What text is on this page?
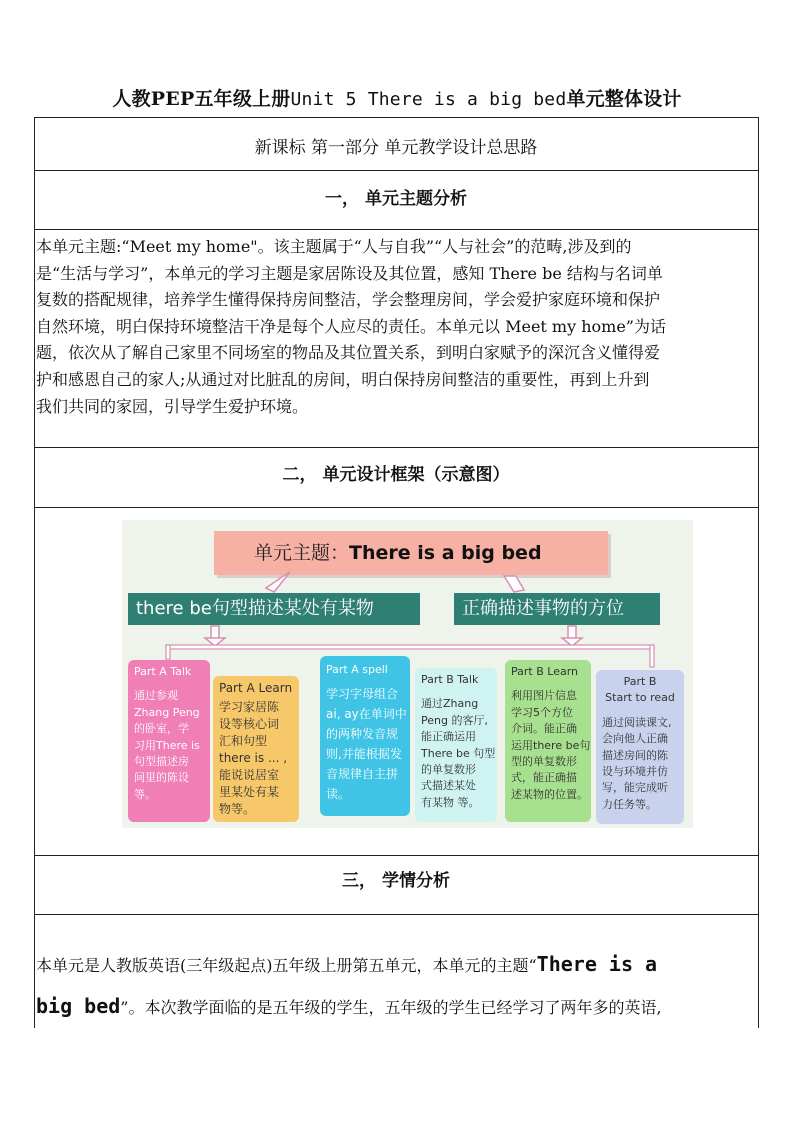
人教PEP五年级上册Unit 5 There is a big bed单元整体设计
新课标 第一部分 单元教学设计总思路
一， 单元主题分析
二， 单元设计框架（示意图）
三， 学情分析
本单元主题:“Meet my home"。该主题属于“人与自我”“人与社会”的范畴,涉及到的
是“生活与学习”，本单元的学习主题是家居陈设及其位置，感知 There be 结构与名词单
复数的搭配规律，培养学生懂得保持房间整洁，学会整理房间，学会爱护家庭环境和保护
自然环境，明白保持环境整洁干净是每个人应尽的责任。本单元以 Meet my home”为话
题，依次从了解自己家里不同场室的物品及其位置关系，到明白家赋予的深沉含义懂得爱
护和感恩自己的家人;从通过对比脏乱的房间，明白保持房间整洁的重要性，再到上升到
我们共同的家园，引导学生爱护环境。
单元主题：There is a big bed
there be句型描述某处有某物	正确描述事物的方位
Part A Talk
通过参观
Zhang Peng
的卧室，学
习用There is
句型描述房
间里的陈设
等。
Part A Learn
学习家居陈
设等核心词
汇和句型
there is ... ,
能说说居室
里某处有某
物等。
Part A spell
学习字母组合
ai, ay在单词中
的两种发音规
则,并能根据发
音规律自主拼
读。
Part B Talk
通过Zhang
Peng 的客厅,
能正确运用
There be 句型
的单复数形
式描述某处
有某物 等。
Part B Learn
利用图片信息
学习5个方位
介词。能正确
运用there be句
型的单复数形
式，能正确描
述某物的位置。
Part B
Start to read
通过阅读课文,
会向他人正确
描述房间的陈
设与环境并仿
写，能完成听
力任务等。
本单元是人教版英语(三年级起点)五年级上册第五单元，本单元的主题“There is a
big bed”。本次教学面临的是五年级的学生，五年级的学生已经学习了两年多的英语,
